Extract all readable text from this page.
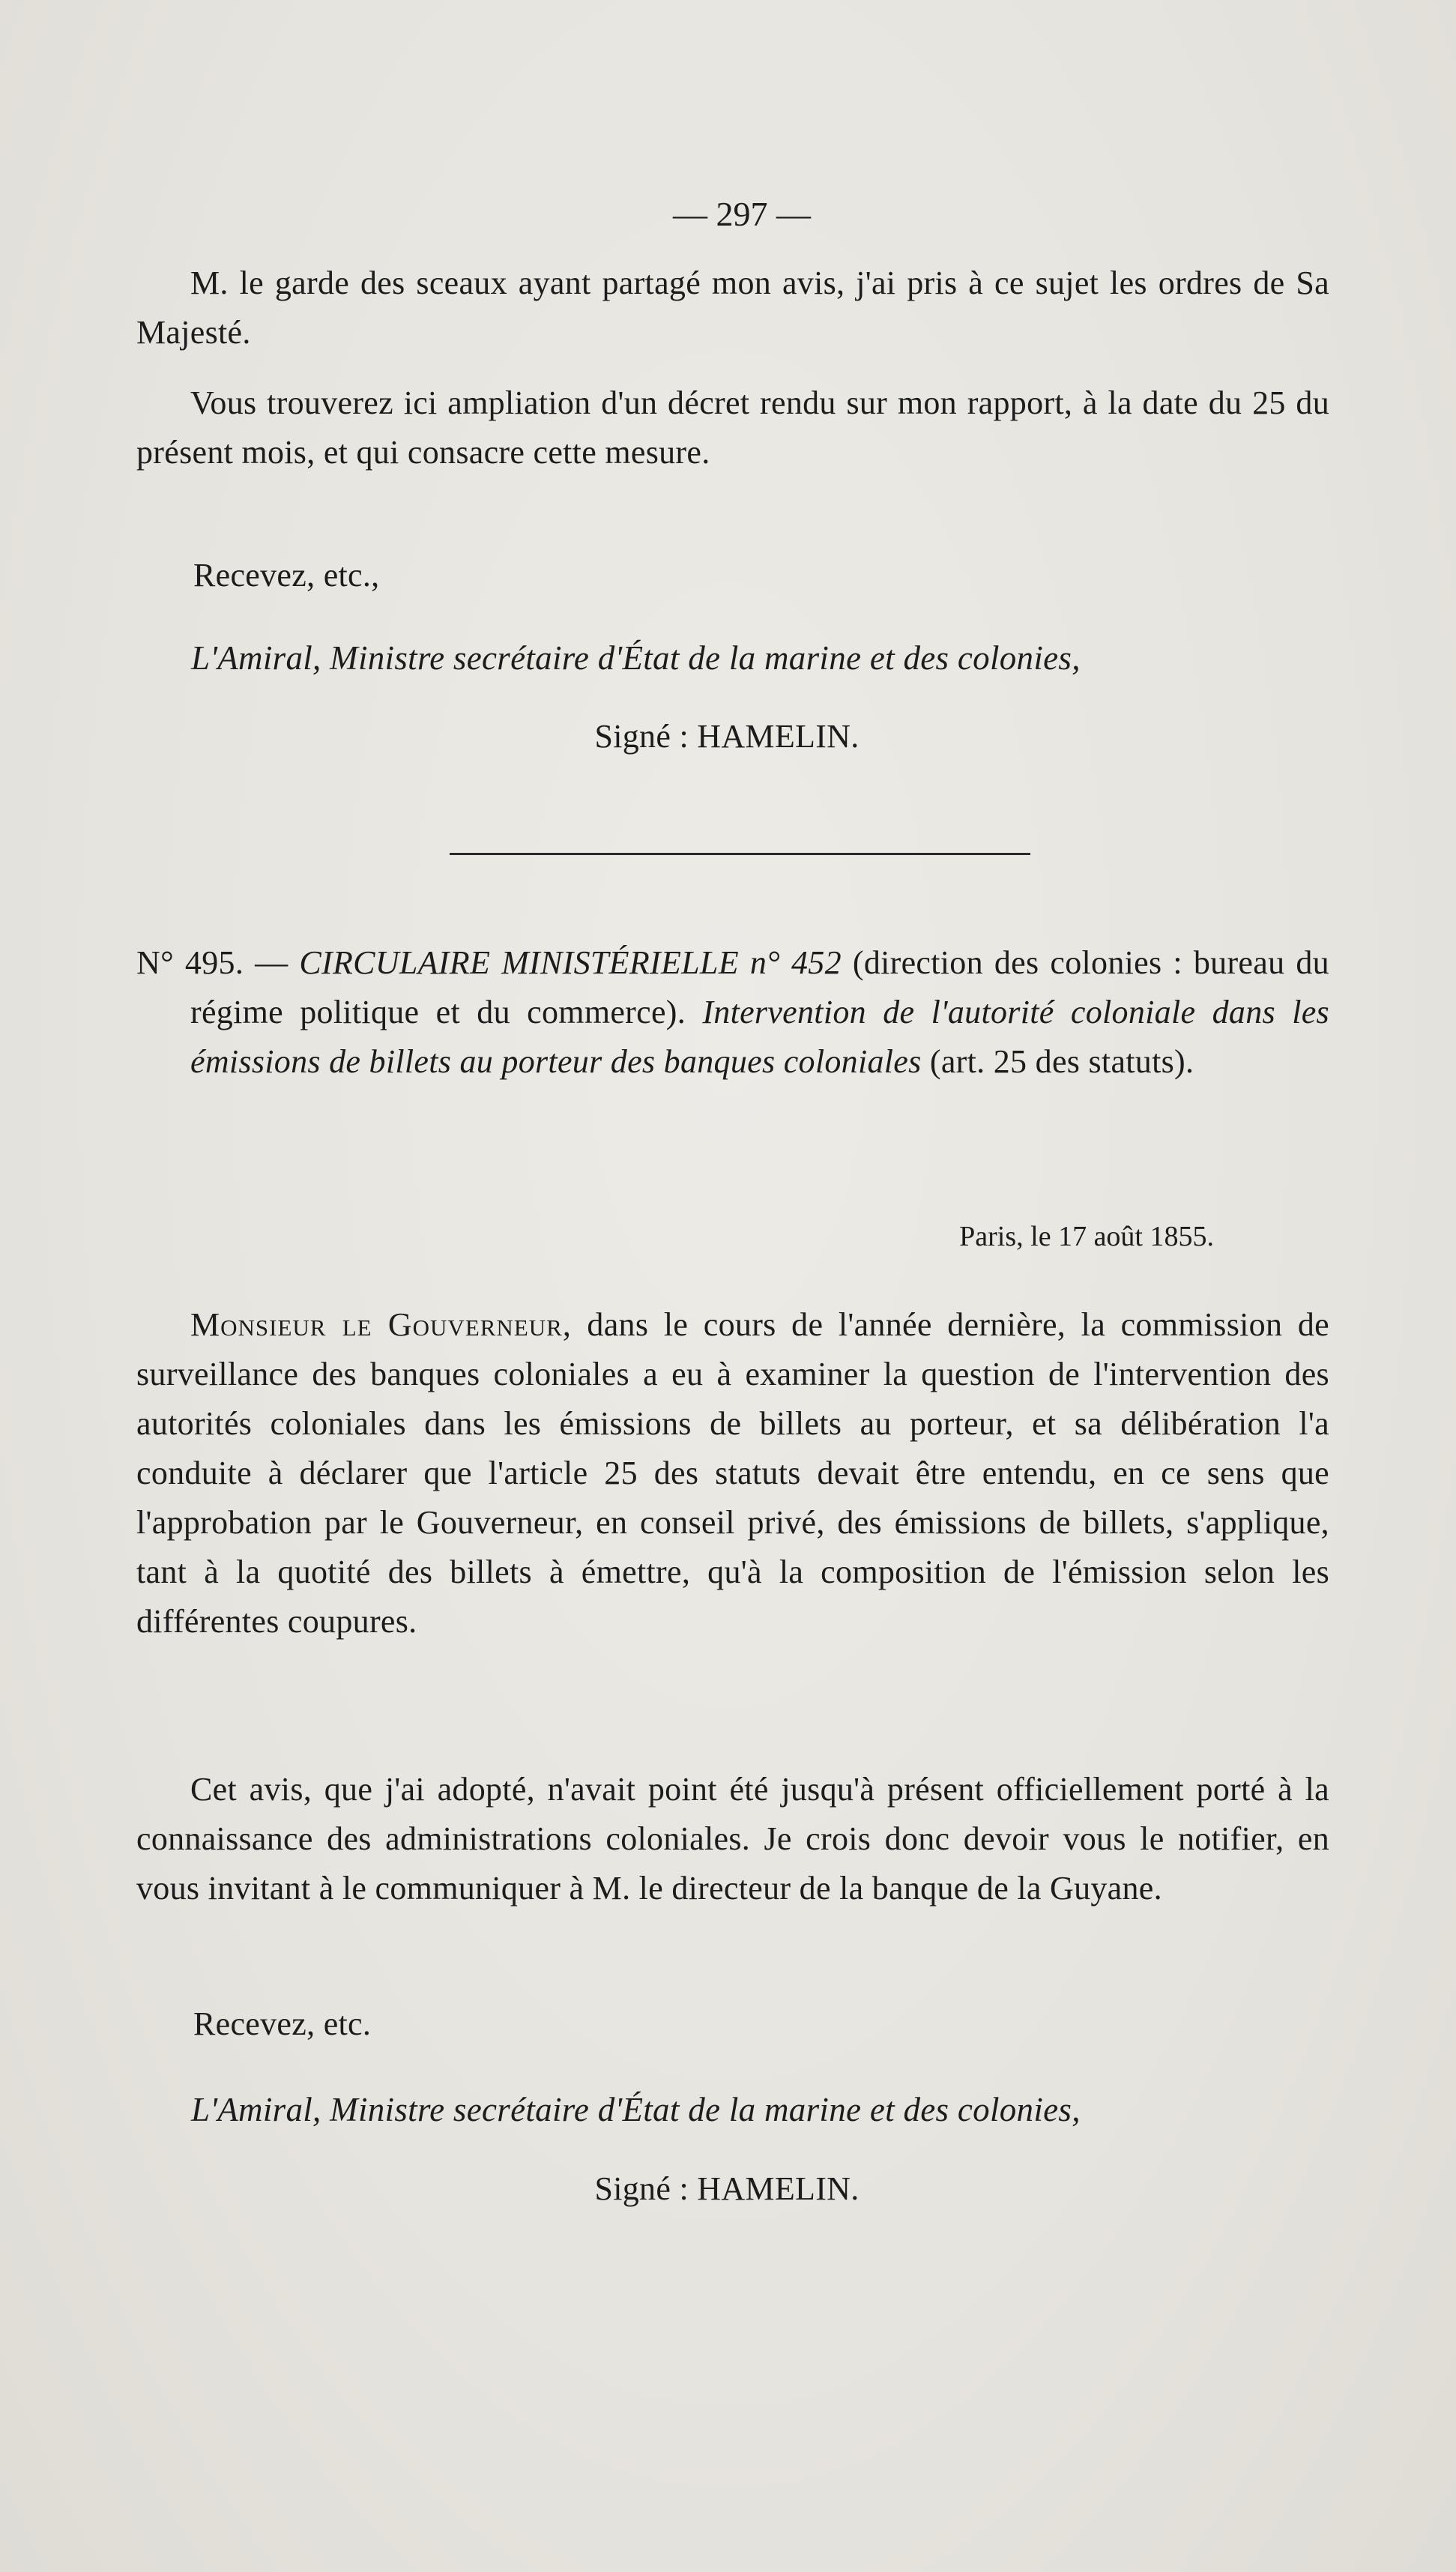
— 297 —

M. le garde des sceaux ayant partagé mon avis, j'ai pris à ce sujet les ordres de Sa Majesté.

Vous trouverez ici ampliation d'un décret rendu sur mon rapport, à la date du 25 du présent mois, et qui consacre cette mesure.

Recevez, etc.,

L'Amiral, Ministre secrétaire d'État de la marine et des colonies,

Signé : HAMELIN.

N° 495. — CIRCULAIRE MINISTÉRIELLE n° 452 (direction des colonies : bureau du régime politique et du commerce). Intervention de l'autorité coloniale dans les émissions de billets au porteur des banques coloniales (art. 25 des statuts).

Paris, le 17 août 1855.

Monsieur le Gouverneur, dans le cours de l'année dernière, la commission de surveillance des banques coloniales a eu à examiner la question de l'intervention des autorités coloniales dans les émissions de billets au porteur, et sa délibération l'a conduite à déclarer que l'article 25 des statuts devait être entendu, en ce sens que l'approbation par le Gouverneur, en conseil privé, des émissions de billets, s'applique, tant à la quotité des billets à émettre, qu'à la composition de l'émission selon les différentes coupures.

Cet avis, que j'ai adopté, n'avait point été jusqu'à présent officiellement porté à la connaissance des administrations coloniales. Je crois donc devoir vous le notifier, en vous invitant à le communiquer à M. le directeur de la banque de la Guyane.

Recevez, etc.

L'Amiral, Ministre secrétaire d'État de la marine et des colonies,

Signé : HAMELIN.
